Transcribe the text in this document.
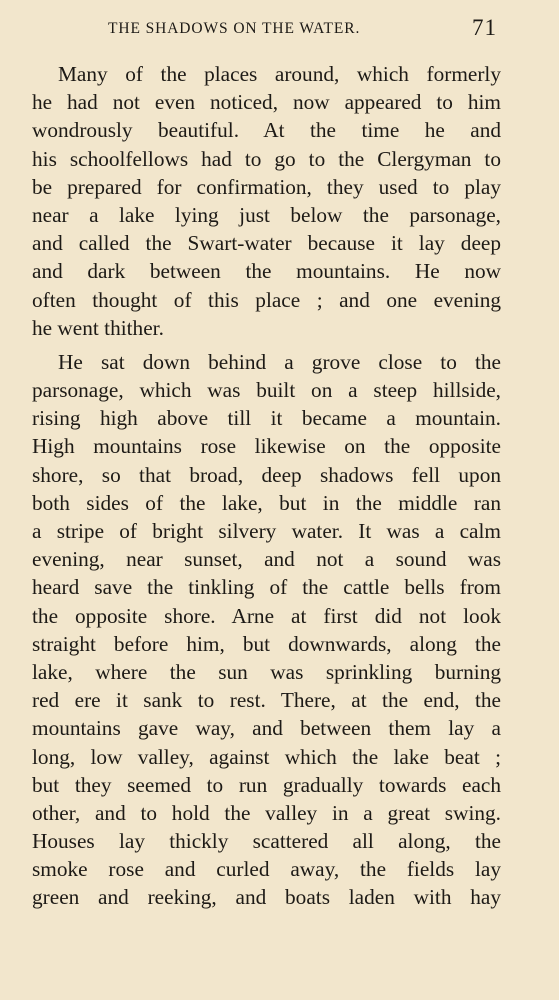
THE SHADOWS ON THE WATER.	71

Many of the places around, which formerly
he had not even noticed, now appeared to him
wondrously beautiful. At the time he and
his schoolfellows had to go to the Clergyman to
be prepared for confirmation, they used to play
near a lake lying just below the parsonage,
and called the Swart-water because it lay deep
and dark between the mountains. He now
often thought of this place ; and one evening
he went thither.

He sat down behind a grove close to the
parsonage, which was built on a steep hillside,
rising high above till it became a mountain.
High mountains rose likewise on the opposite
shore, so that broad, deep shadows fell upon
both sides of the lake, but in the middle ran
a stripe of bright silvery water. It was a calm
evening, near sunset, and not a sound was
heard save the tinkling of the cattle bells from
the opposite shore. Arne at first did not look
straight before him, but downwards, along the
lake, where the sun was sprinkling burning
red ere it sank to rest. There, at the end, the
mountains gave way, and between them lay a
long, low valley, against which the lake beat ;
but they seemed to run gradually towards each
other, and to hold the valley in a great swing.
Houses lay thickly scattered all along, the
smoke rose and curled away, the fields lay
green and reeking, and boats laden with hay
